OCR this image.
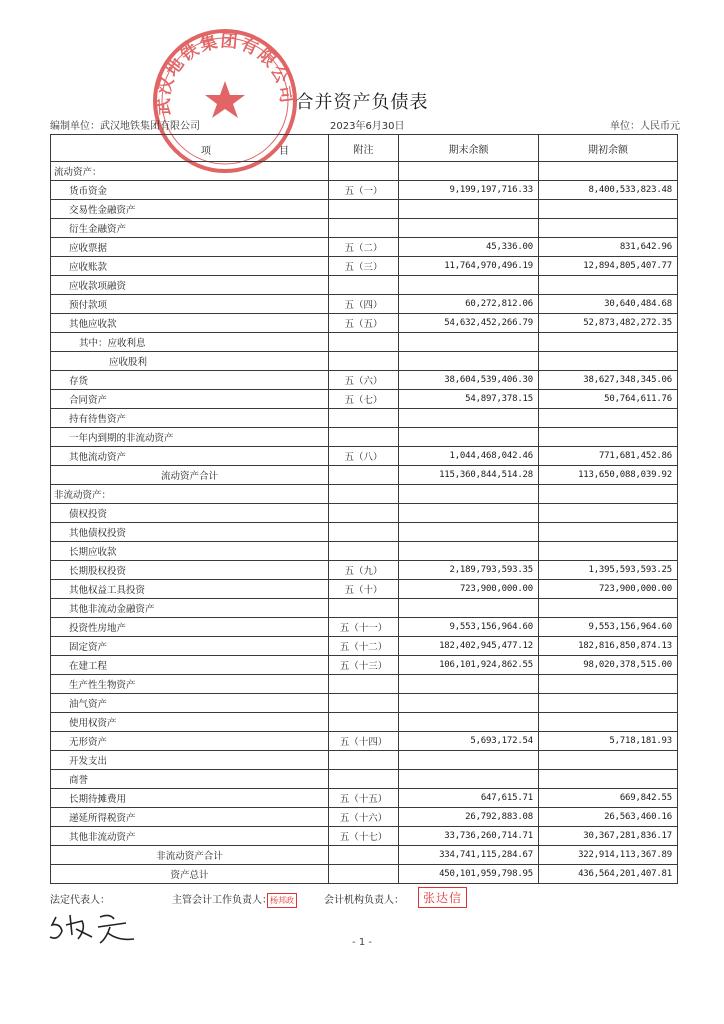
武汉地铁集团有限公司
合并资产负债表
编制单位：武汉地铁集团有限公司	2023年6月30日	单位：人民币元
项 目	附注	期末余额	期初余额
流动资产：			
货币资金	五（一）	9,199,197,716.33	8,400,533,823.48
交易性金融资产			
衍生金融资产			
应收票据	五（二）	45,336.00	831,642.96
应收账款	五（三）	11,764,970,496.19	12,894,805,407.77
应收款项融资			
预付款项	五（四）	60,272,812.06	30,640,484.68
其他应收款	五（五）	54,632,452,266.79	52,873,482,272.35
其中：应收利息			
应收股利			
存货	五（六）	38,604,539,406.30	38,627,348,345.06
合同资产	五（七）	54,897,378.15	50,764,611.76
持有待售资产			
一年内到期的非流动资产			
其他流动资产	五（八）	1,044,468,042.46	771,681,452.86
流动资产合计		115,360,844,514.28	113,650,088,039.92
非流动资产：			
债权投资			
其他债权投资			
长期应收款			
长期股权投资	五（九）	2,189,793,593.35	1,395,593,593.25
其他权益工具投资	五（十）	723,900,000.00	723,900,000.00
其他非流动金融资产			
投资性房地产	五（十一）	9,553,156,964.60	9,553,156,964.60
固定资产	五（十二）	182,402,945,477.12	182,816,850,874.13
在建工程	五（十三）	106,101,924,862.55	98,020,378,515.00
生产性生物资产			
油气资产			
使用权资产			
无形资产	五（十四）	5,693,172.54	5,718,181.93
开发支出			
商誉			
长期待摊费用	五（十五）	647,615.71	669,842.55
递延所得税资产	五（十六）	26,792,883.08	26,563,460.16
其他非流动资产	五（十七）	33,736,260,714.71	30,367,281,836.17
非流动资产合计		334,741,115,284.67	322,914,113,367.89
资产总计		450,101,959,798.95	436,564,201,407.81
法定代表人：	主管会计工作负责人：
杨邦政	会计机构负责人：	张达信
- 1 -
